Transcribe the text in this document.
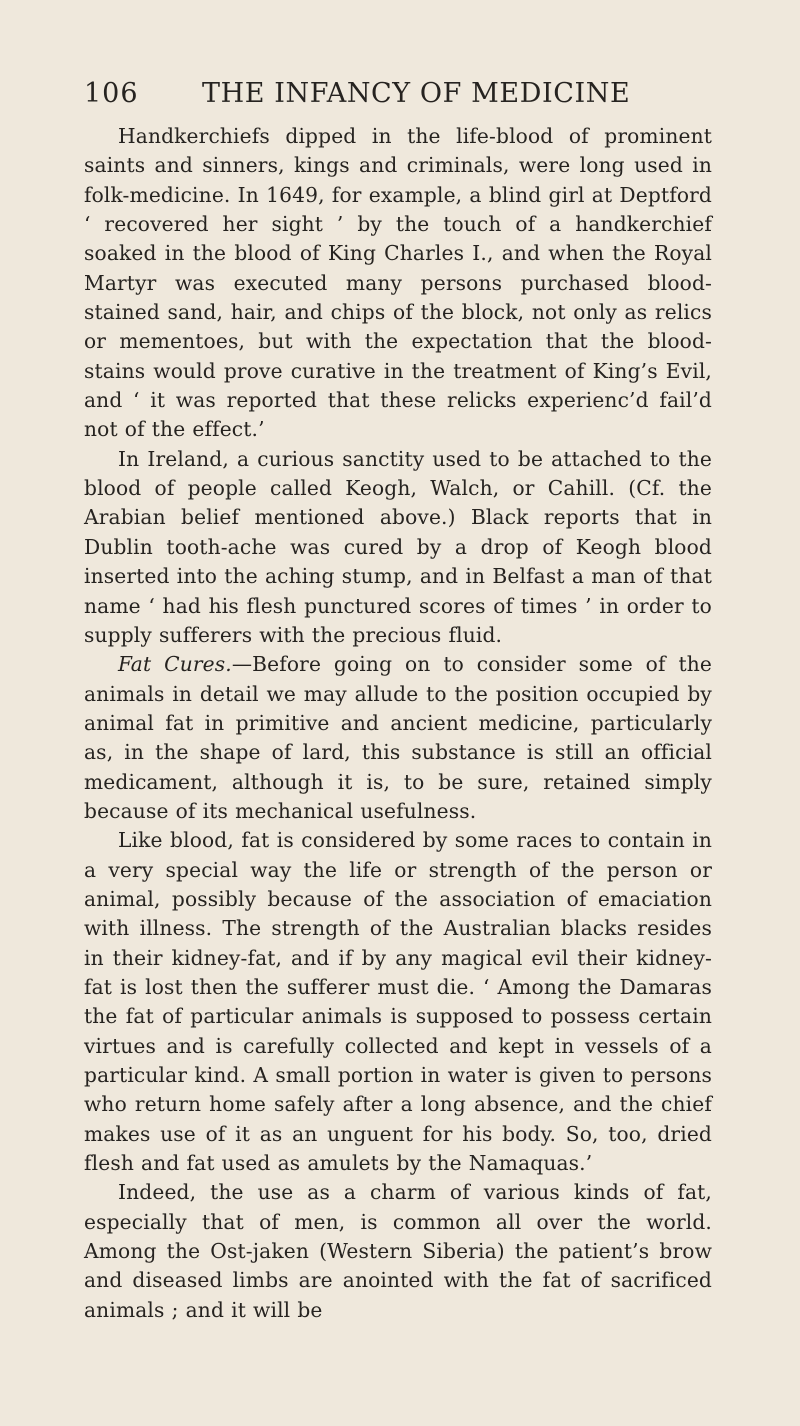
106 THE INFANCY OF MEDICINE

Handkerchiefs dipped in the life-blood of prominent saints and sinners, kings and criminals, were long used in folk-medicine. In 1649, for example, a blind girl at Deptford ‘ recovered her sight ’ by the touch of a handkerchief soaked in the blood of King Charles I., and when the Royal Martyr was executed many persons purchased blood-stained sand, hair, and chips of the block, not only as relics or mementoes, but with the expectation that the blood-stains would prove curative in the treatment of King’s Evil, and ‘ it was reported that these relicks experienc’d fail’d not of the effect.’

In Ireland, a curious sanctity used to be attached to the blood of people called Keogh, Walch, or Cahill. (Cf. the Arabian belief mentioned above.) Black reports that in Dublin tooth-ache was cured by a drop of Keogh blood inserted into the aching stump, and in Belfast a man of that name ‘ had his flesh punctured scores of times ’ in order to supply sufferers with the precious fluid.

Fat Cures.—Before going on to consider some of the animals in detail we may allude to the position occupied by animal fat in primitive and ancient medicine, particularly as, in the shape of lard, this substance is still an official medicament, although it is, to be sure, retained simply because of its mechanical usefulness.

Like blood, fat is considered by some races to contain in a very special way the life or strength of the person or animal, possibly because of the association of emaciation with illness. The strength of the Australian blacks resides in their kidney-fat, and if by any magical evil their kidney-fat is lost then the sufferer must die. ‘ Among the Damaras the fat of particular animals is supposed to possess certain virtues and is carefully collected and kept in vessels of a particular kind. A small portion in water is given to persons who return home safely after a long absence, and the chief makes use of it as an unguent for his body. So, too, dried flesh and fat used as amulets by the Namaquas.’

Indeed, the use as a charm of various kinds of fat, especially that of men, is common all over the world. Among the Ost-jaken (Western Siberia) the patient’s brow and diseased limbs are anointed with the fat of sacrificed animals ; and it will be
